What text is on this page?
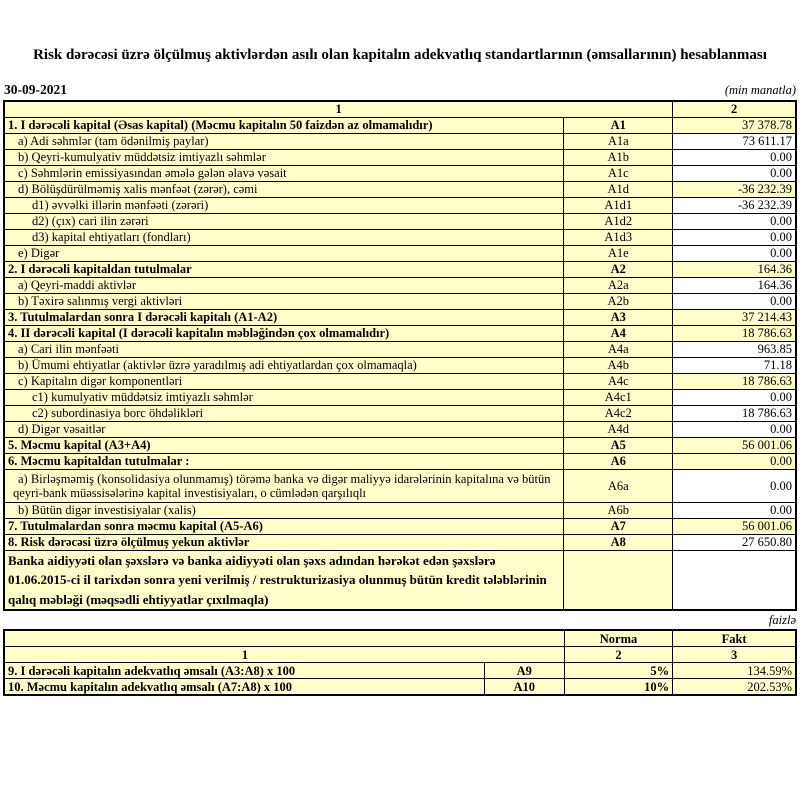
Risk dərəcəsi üzrə ölçülmuş aktivlərdən asılı olan kapitalın adekvatlıq standartlarının (əmsallarının) hesablanması
30-09-2021	(min manatla)
1		2
1. I dərəcəli kapital (Əsas kapital) (Məcmu kapitalın 50 faizdən az olmamalıdır)	A1	37 378.78
a) Adi səhmlər (tam ödənilmiş paylar)	A1a	73 611.17
b) Qeyri-kumulyativ müddətsiz imtiyazlı səhmlər	A1b	0.00
c) Səhmlərin emissiyasından əmələ gələn əlavə vəsait	A1c	0.00
d) Bölüşdürülməmiş xalis mənfəət (zərər), cəmi	A1d	-36 232.39
d1) əvvəlki illərin mənfəəti (zərəri)	A1d1	-36 232.39
d2) (çıx) cari ilin zərəri	A1d2	0.00
d3) kapital ehtiyatları (fondları)	A1d3	0.00
e) Digər	A1e	0.00
2. I dərəcəli kapitaldan tutulmalar	A2	164.36
a) Qeyri-maddi aktivlər	A2a	164.36
b) Təxirə salınmış vergi aktivləri	A2b	0.00
3. Tutulmalardan sonra I dərəcəli kapitalı (A1-A2)	A3	37 214.43
4. II dərəcəli kapital (I dərəcəli kapitalın məbləğindən çox olmamalıdır)	A4	18 786.63
a) Cari ilin mənfəəti	A4a	963.85
b) Ümumi ehtiyatlar (aktivlər üzrə yaradılmış adi ehtiyatlardan çox olmamaqla)	A4b	71.18
c) Kapitalın digər komponentləri	A4c	18 786.63
c1) kumulyativ müddətsiz imtiyazlı səhmlər	A4c1	0.00
c2) subordinasiya borc öhdəlikləri	A4c2	18 786.63
d) Digər vəsaitlər	A4d	0.00
5. Məcmu kapital (A3+A4)	A5	56 001.06
6. Məcmu kapitaldan tutulmalar :	A6	0.00
a) Birləşməmiş (konsolidasiya olunmamış) törəmə banka və digər maliyyə idarələrinin kapitalına və bütün qeyri-bank müəssisələrinə kapital investisiyaları, o cümlədən qarşılıqlı	A6a	0.00
b) Bütün digər investisiyalar (xalis)	A6b	0.00
7. Tutulmalardan sonra məcmu kapital (A5-A6)	A7	56 001.06
8. Risk dərəcəsi üzrə ölçülmuş yekun aktivlər	A8	27 650.80
Banka aidiyyəti olan şəxslərə və banka aidiyyəti olan şəxs adından hərəkət edən şəxslərə 01.06.2015-ci il tarixdən sonra yeni verilmiş / restrukturizasiya olunmuş bütün kredit tələblərinin qalıq məbləği (məqsədli ehtiyyatlar çıxılmaqla)		
faizlə
		Norma	Fakt
1		2	3
9. I dərəcəli kapitalın adekvatlıq əmsalı (A3:A8) x 100	A9	5%	134.59%
10. Məcmu kapitalın adekvatlıq əmsalı (A7:A8) x 100	A10	10%	202.53%
